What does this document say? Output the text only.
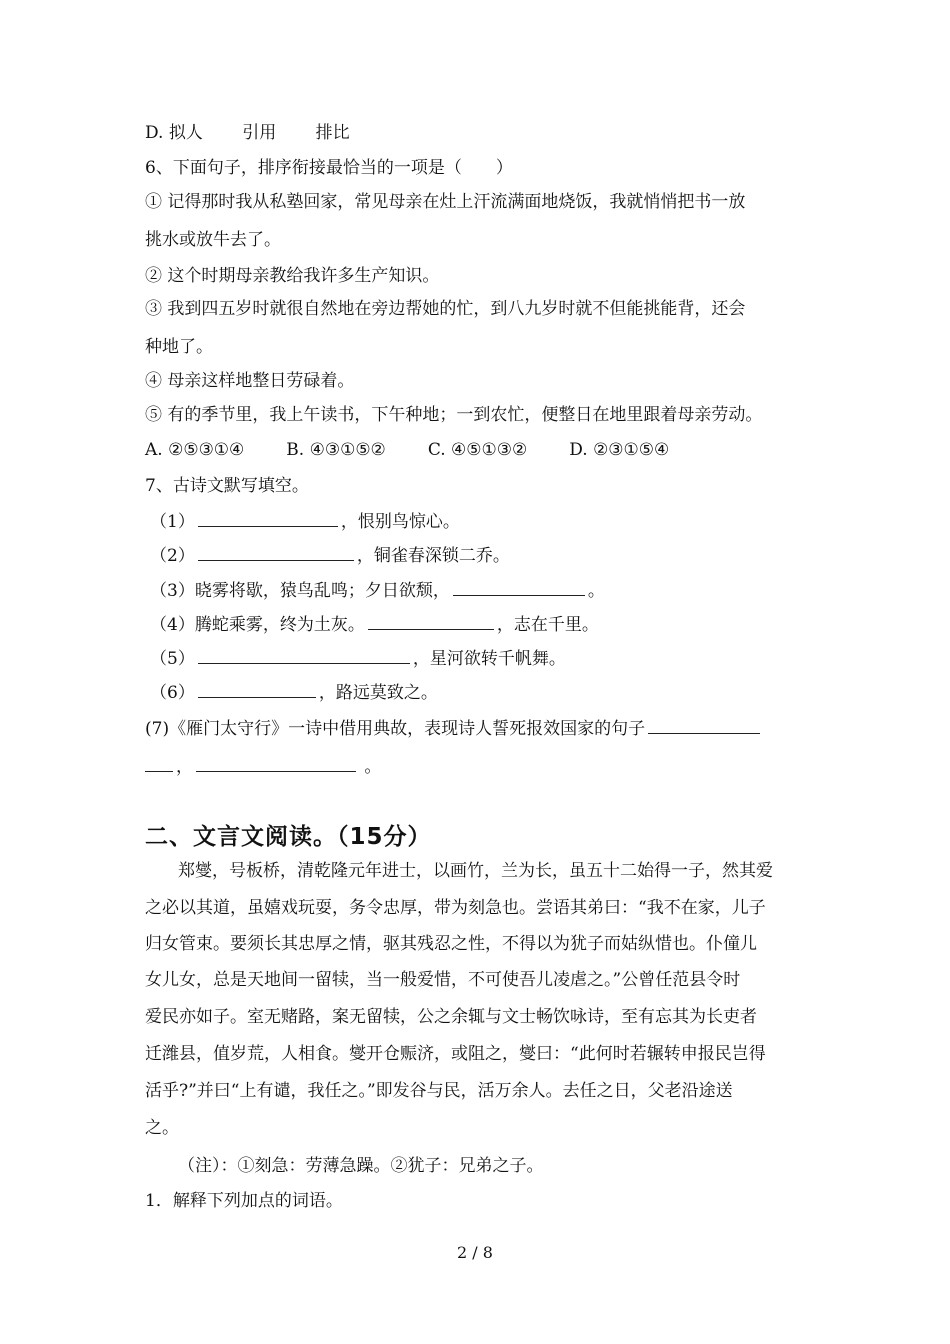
D. 拟人　　 引用　　 排比
6、下面句子，排序衔接最恰当的一项是（　　）
① 记得那时我从私塾回家，常见母亲在灶上汗流满面地烧饭，我就悄悄把书一放
挑水或放牛去了。
② 这个时期母亲教给我许多生产知识。
③ 我到四五岁时就很自然地在旁边帮她的忙，到八九岁时就不但能挑能背，还会
种地了。
④ 母亲这样地整日劳碌着。
⑤ 有的季节里，我上午读书，下午种地；一到农忙，便整日在地里跟着母亲劳动。
A. ②⑤③①④ B. ④③①⑤② C. ④⑤①③② D. ②③①⑤④
7、古诗文默写填空。
（1）	，恨别鸟惊心。
（2）	，铜雀春深锁二乔。
（3）晓雾将歇，猿鸟乱鸣；夕日欲颓，	。
（4）腾蛇乘雾，终为土灰。	，志在千里。
（5）	，星河欲转千帆舞。
（6）	，路远莫致之。
(7)《雁门太守行》一诗中借用典故，表现诗人誓死报效国家的句子
，	。
二、文言文阅读。（15分）
郑燮，号板桥，清乾隆元年进士，以画竹，兰为长，虽五十二始得一子，然其爱
之必以其道，虽嬉戏玩耍，务令忠厚，带为刻急也。尝语其弟曰：“我不在家，儿子
归女管束。要须长其忠厚之情，驱其残忍之性，不得以为犹子而姑纵惜也。仆僮儿
女儿女，总是天地间一留犊，当一般爱惜，不可使吾儿凌虐之。”公曾任范县令时
爱民亦如子。室无赌路，案无留犊，公之余辄与文士畅饮咏诗，至有忘其为长吏者
迁潍县，值岁荒，人相食。燮开仓赈济，或阻之，燮曰：“此何时若辗转申报民岂得
活乎?”并曰“上有谴，我任之。”即发谷与民，活万余人。去任之日，父老沿途送
之。
（注）：①刻急：劳薄急躁。②犹子：兄弟之子。
1．解释下列加点的词语。
2 / 8
